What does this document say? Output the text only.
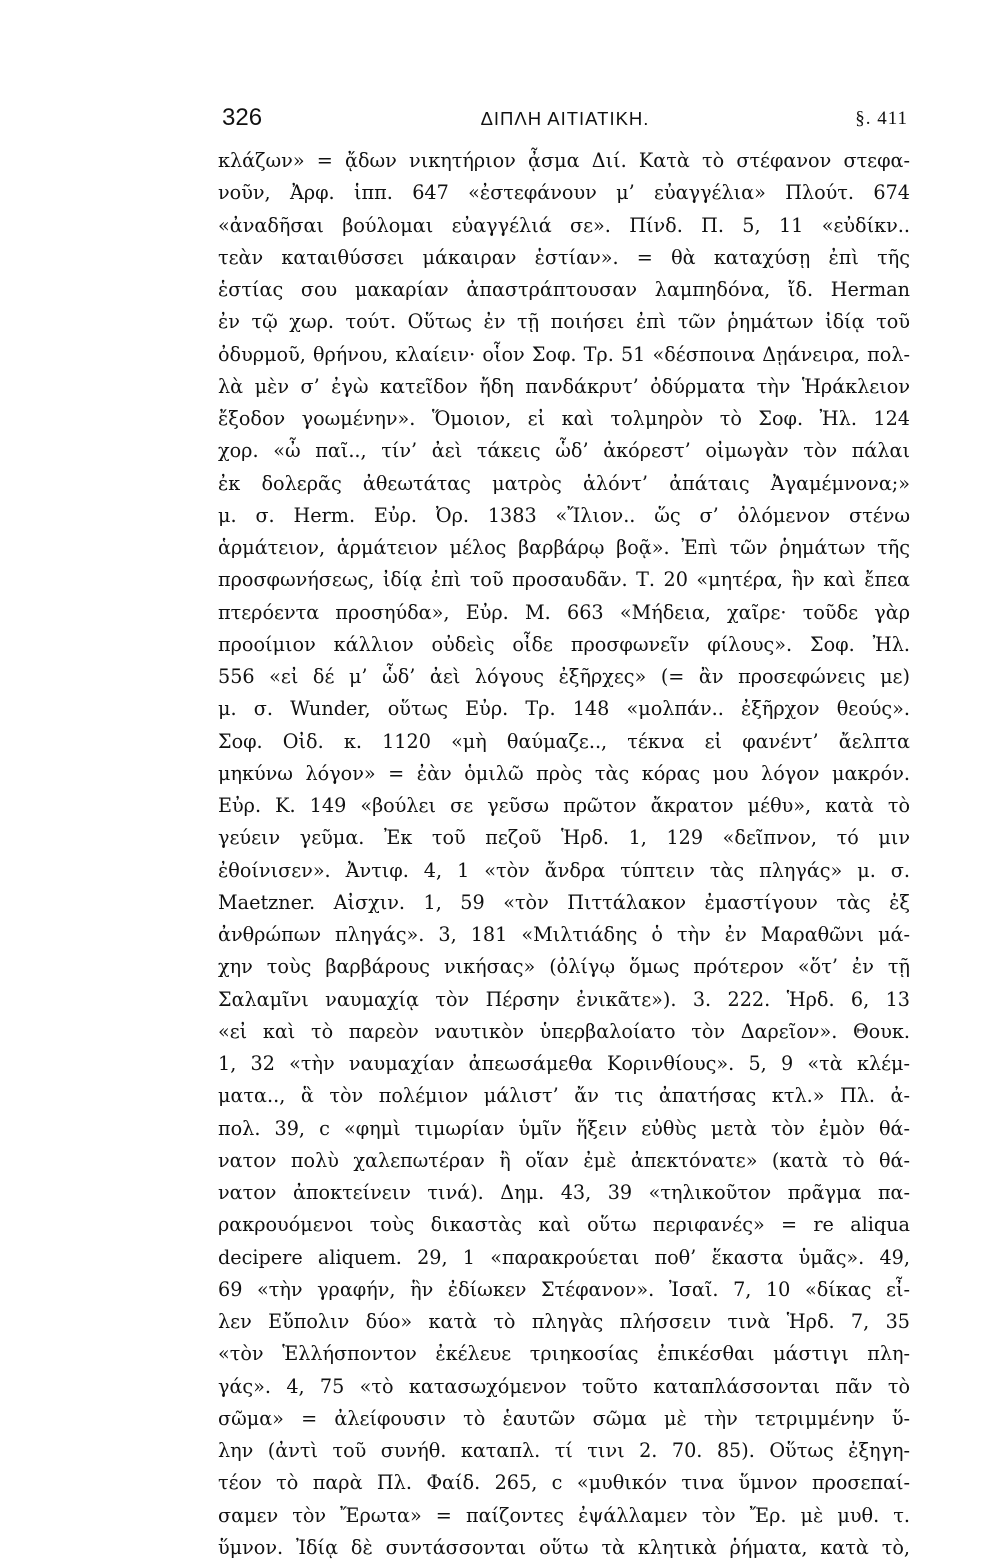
326	ΔΙΠΛΗ ΑΙΤΙΑΤΙΚΗ.	§. 411
κλάζων» = ᾄδων νικητήριον ᾆσμα Διί. Κατὰ τὸ στέφανον στεφα-
νοῦν, Ἀρφ. ἱππ. 647 «ἐστεφάνουν μ’ εὐαγγέλια» Πλούτ. 674
«ἀναδῆσαι βούλομαι εὐαγγέλιά σε». Πίνδ. Π. 5, 11 «εὐδίκν..
τεὰν καταιθύσσει μάκαιραν ἑστίαν». = θὰ καταχύσῃ ἐπὶ τῆς
ἑστίας σου μακαρίαν ἀπαστράπτουσαν λαμπηδόνα, ἴδ. Herman
ἐν τῷ χωρ. τούτ. Οὕτως ἐν τῇ ποιήσει ἐπὶ τῶν ῥημάτων ἰδίᾳ τοῦ
ὀδυρμοῦ, θρήνου, κλαίειν· οἷον Σοφ. Τρ. 51 «δέσποινα Δῃάνειρα, πολ-
λὰ μὲν σ’ ἐγὼ κατεῖδον ἤδη πανδάκρυτ’ ὀδύρματα τὴν Ἡράκλειον
ἔξοδον γοωμένην». Ὅμοιον, εἰ καὶ τολμηρὸν τὸ Σοφ. Ἠλ. 124
χορ. «ὦ παῖ.., τίν’ ἀεὶ τάκεις ὧδ’ ἀκόρεστ’ οἰμωγὰν τὸν πάλαι
ἐκ δολερᾶς ἀθεωτάτας ματρὸς ἁλόντ’ ἀπάταις Ἀγαμέμνονα;»
μ. σ. Herm. Εὐρ. Ὀρ. 1383 «Ἴλιον.. ὥς σ’ ὀλόμενον στένω
ἁρμάτειον, ἁρμάτειον μέλος βαρβάρῳ βοᾷ». Ἐπὶ τῶν ῥημάτων τῆς
προσφωνήσεως, ἰδίᾳ ἐπὶ τοῦ προσαυδᾶν. Τ. 20 «μητέρα, ἣν καὶ ἔπεα
πτερόεντα προσηύδα», Εὐρ. Μ. 663 «Μήδεια, χαῖρε· τοῦδε γὰρ
προοίμιον κάλλιον οὐδεὶς οἶδε προσφωνεῖν φίλους». Σοφ. Ἠλ.
556 «εἰ δέ μ’ ὧδ’ ἀεὶ λόγους ἐξῆρχες» (= ἂν προσεφώνεις με)
μ. σ. Wunder, οὕτως Εὐρ. Τρ. 148 «μολπάν.. ἐξῆρχον θεούς».
Σοφ. Οἰδ. κ. 1120 «μὴ θαύμαζε.., τέκνα εἰ φανέντ’ ἄελπτα
μηκύνω λόγον» = ἐὰν ὁμιλῶ πρὸς τὰς κόρας μου λόγον μακρόν.
Εὐρ. Κ. 149 «βούλει σε γεῦσω πρῶτον ἄκρατον μέθυ», κατὰ τὸ
γεύειν γεῦμα. Ἐκ τοῦ πεζοῦ Ἡρδ. 1, 129 «δεῖπνον, τό μιν
ἐθοίνισεν». Ἀντιφ. 4, 1 «τὸν ἄνδρα τύπτειν τὰς πληγάς» μ. σ.
Maetzner. Αἰσχιν. 1, 59 «τὸν Πιττάλακον ἐμαστίγουν τὰς ἐξ
ἀνθρώπων πληγάς». 3, 181 «Μιλτιάδης ὁ τὴν ἐν Μαραθῶνι μά-
χην τοὺς βαρβάρους νικήσας» (ὀλίγῳ ὅμως πρότερον «ὅτ’ ἐν τῇ
Σαλαμῖνι ναυμαχίᾳ τὸν Πέρσην ἐνικᾶτε»). 3. 222. Ἡρδ. 6, 13
«εἰ καὶ τὸ παρεὸν ναυτικὸν ὑπερβαλοίατο τὸν Δαρεῖον». Θουκ.
1, 32 «τὴν ναυμαχίαν ἀπεωσάμεθα Κορινθίους». 5, 9 «τὰ κλέμ-
ματα.., ἃ τὸν πολέμιον μάλιστ’ ἄν τις ἀπατήσας κτλ.» Πλ. ἀ-
πολ. 39, c «φημὶ τιμωρίαν ὑμῖν ἥξειν εὐθὺς μετὰ τὸν ἐμὸν θά-
νατον πολὺ χαλεπωτέραν ἢ οἵαν ἐμὲ ἀπεκτόνατε» (κατὰ τὸ θά-
νατον ἀποκτείνειν τινά). Δημ. 43, 39 «τηλικοῦτον πρᾶγμα πα-
ρακρουόμενοι τοὺς δικαστὰς καὶ οὕτω περιφανές» = re aliqua
decipere aliquem. 29, 1 «παρακρούεται ποθ’ ἕκαστα ὑμᾶς». 49,
69 «τὴν γραφήν, ἣν ἐδίωκεν Στέφανον». Ἰσαῖ. 7, 10 «δίκας εἶ-
λεν Εὔπολιν δύο» κατὰ τὸ πληγὰς πλήσσειν τινὰ Ἡρδ. 7, 35
«τὸν Ἑλλήσποντον ἐκέλευε τριηκοσίας ἐπικέσθαι μάστιγι πλη-
γάς». 4, 75 «τὸ κατασωχόμενον τοῦτο καταπλάσσονται πᾶν τὸ
σῶμα» = ἀλείφουσιν τὸ ἑαυτῶν σῶμα μὲ τὴν τετριμμένην ὕ-
λην (ἀντὶ τοῦ συνήθ. καταπλ. τί τινι 2. 70. 85). Οὕτως ἐξηγη-
τέον τὸ παρὰ Πλ. Φαίδ. 265, c «μυθικόν τινα ὕμνον προσεπαί-
σαμεν τὸν Ἔρωτα» = παίζοντες ἐψάλλαμεν τὸν Ἔρ. μὲ μυθ. τ.
ὕμνον. Ἰδίᾳ δὲ συντάσσονται οὕτω τὰ κλητικὰ ῥήματα, κατὰ τὸ,
